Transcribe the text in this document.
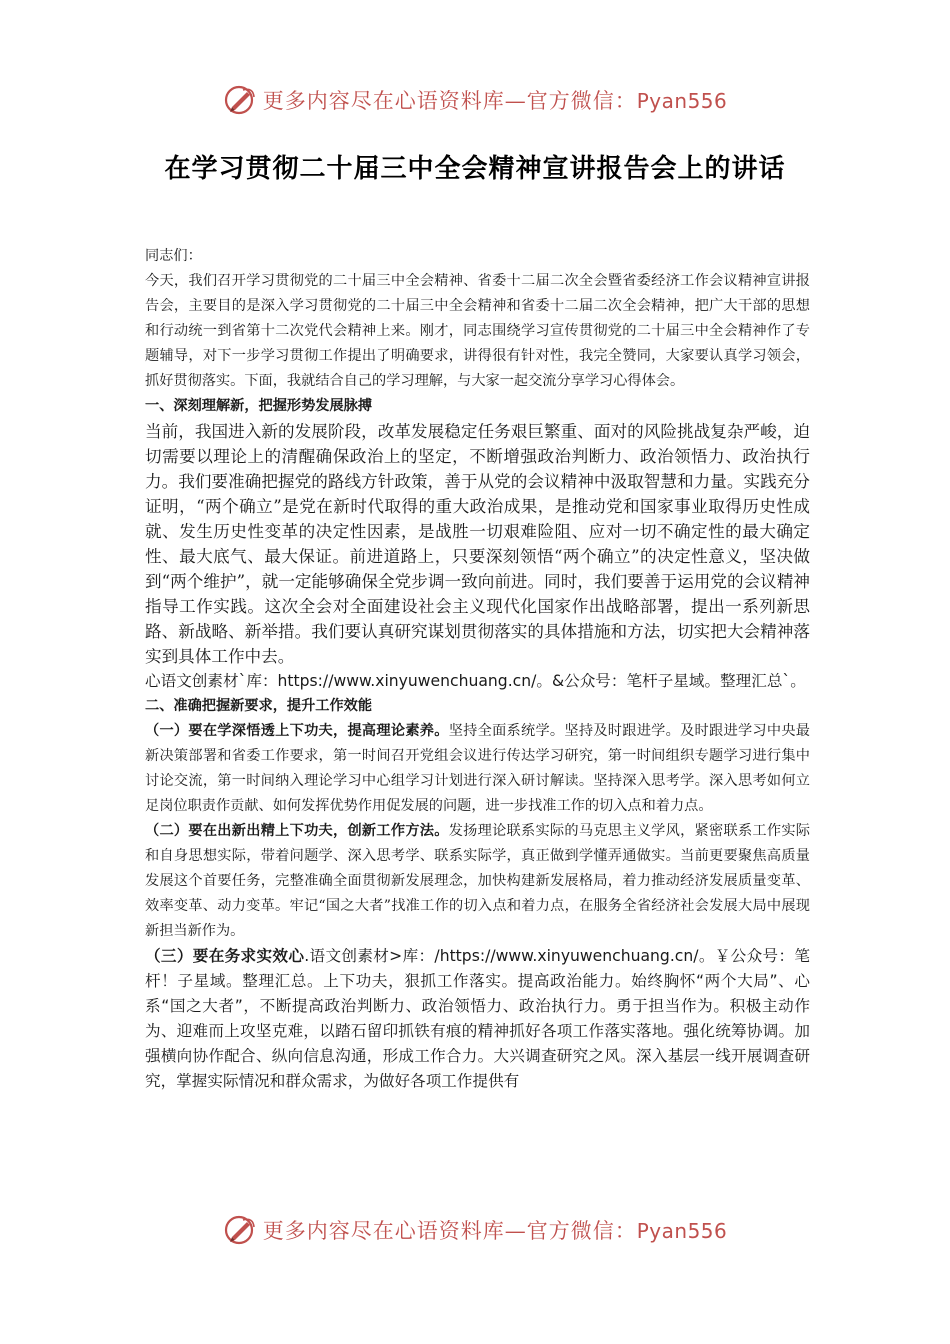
更多内容尽在心语资料库—官方微信：Pyan556
在学习贯彻二十届三中全会精神宣讲报告会上的讲话

同志们：

今天，我们召开学习贯彻党的二十届三中全会精神、省委十二届二次全会暨省委经济工作会议精神宣讲报告会，主要目的是深入学习贯彻党的二十届三中全会精神和省委十二届二次全会精神，把广大干部的思想和行动统一到省第十二次党代会精神上来。刚才，同志围绕学习宣传贯彻党的二十届三中全会精神作了专题辅导，对下一步学习贯彻工作提出了明确要求，讲得很有针对性，我完全赞同，大家要认真学习领会，抓好贯彻落实。下面，我就结合自己的学习理解，与大家一起交流分享学习心得体会。

一、深刻理解新，把握形势发展脉搏

当前，我国进入新的发展阶段，改革发展稳定任务艰巨繁重、面对的风险挑战复杂严峻，迫切需要以理论上的清醒确保政治上的坚定，不断增强政治判断力、政治领悟力、政治执行力。我们要准确把握党的路线方针政策，善于从党的会议精神中汲取智慧和力量。实践充分证明，“两个确立”是党在新时代取得的重大政治成果，是推动党和国家事业取得历史性成就、发生历史性变革的决定性因素，是战胜一切艰难险阻、应对一切不确定性的最大确定性、最大底气、最大保证。前进道路上，只要深刻领悟“两个确立”的决定性意义，坚决做到“两个维护”，就一定能够确保全党步调一致向前进。同时，我们要善于运用党的会议精神指导工作实践。这次全会对全面建设社会主义现代化国家作出战略部署，提出一系列新思路、新战略、新举措。我们要认真研究谋划贯彻落实的具体措施和方法，切实把大会精神落实到具体工作中去。

心语文创素材`库：https://www.xinyuwenchuang.cn/。&公众号：笔杆子星域。整理汇总`。

二、准确把握新要求，提升工作效能

（一）要在学深悟透上下功夫，提高理论素养。坚持全面系统学。坚持及时跟进学。及时跟进学习中央最新决策部署和省委工作要求，第一时间召开党组会议进行传达学习研究，第一时间组织专题学习进行集中讨论交流，第一时间纳入理论学习中心组学习计划进行深入研讨解读。坚持深入思考学。深入思考如何立足岗位职责作贡献、如何发挥优势作用促发展的问题，进一步找准工作的切入点和着力点。

（二）要在出新出精上下功夫，创新工作方法。发扬理论联系实际的马克思主义学风，紧密联系工作实际和自身思想实际，带着问题学、深入思考学、联系实际学，真正做到学懂弄通做实。当前更要聚焦高质量发展这个首要任务，完整准确全面贯彻新发展理念，加快构建新发展格局，着力推动经济发展质量变革、效率变革、动力变革。牢记“国之大者”找准工作的切入点和着力点，在服务全省经济社会发展大局中展现新担当新作为。

（三）要在务求实效心.语文创素材>库：/https://www.xinyuwenchuang.cn/。￥公众号：笔杆！子星域。整理汇总。上下功夫，狠抓工作落实。提高政治能力。始终胸怀“两个大局”、心系“国之大者”，不断提高政治判断力、政治领悟力、政治执行力。勇于担当作为。积极主动作为、迎难而上攻坚克难，以踏石留印抓铁有痕的精神抓好各项工作落实落地。强化统筹协调。加强横向协作配合、纵向信息沟通，形成工作合力。大兴调查研究之风。深入基层一线开展调查研究，掌握实际情况和群众需求，为做好各项工作提供有

更多内容尽在心语资料库—官方微信：Pyan556
